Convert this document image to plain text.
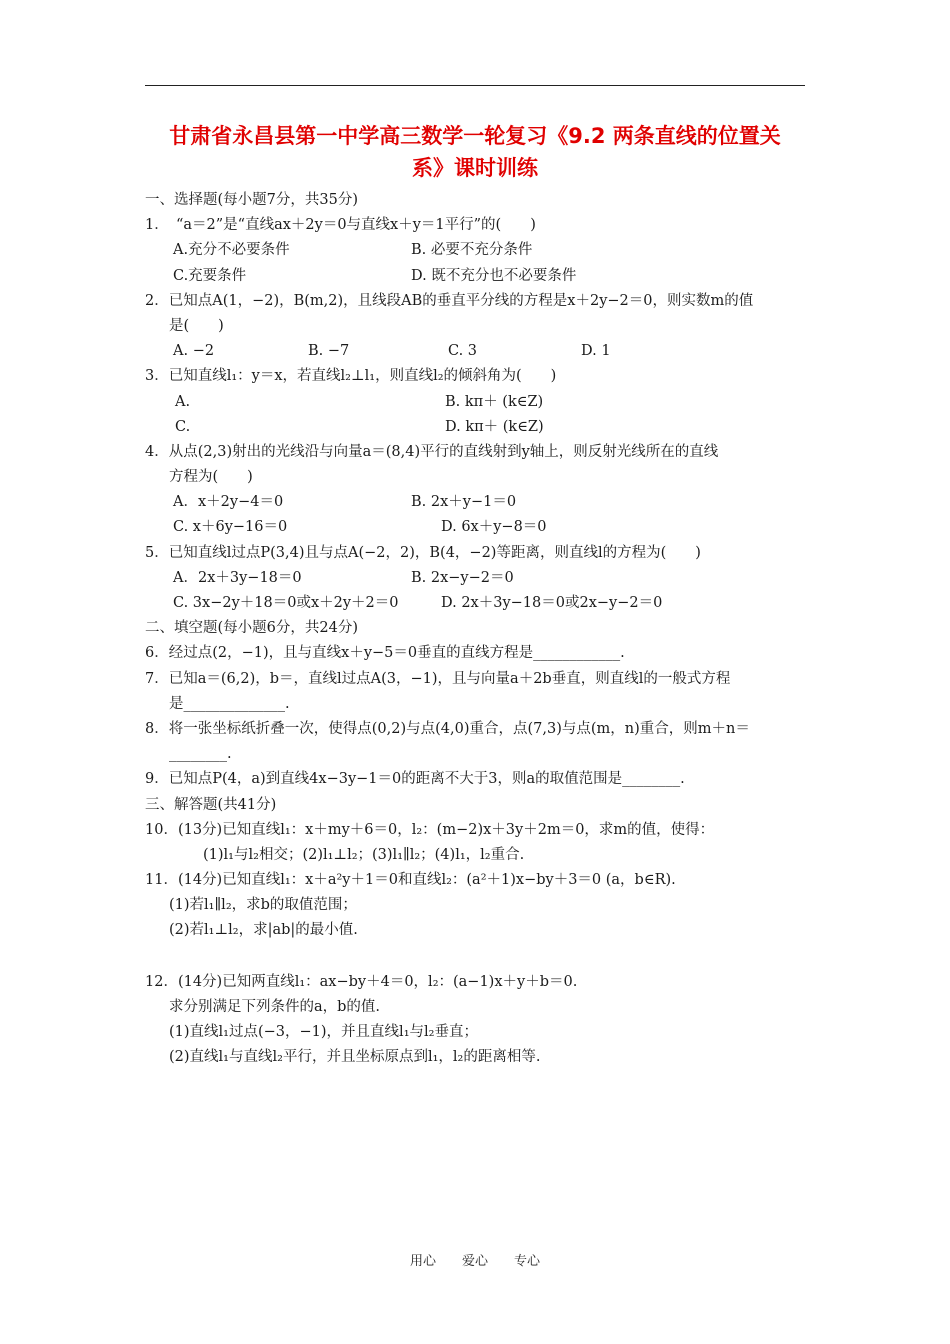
甘肃省永昌县第一中学高三数学一轮复习《9.2 两条直线的位置关
系》课时训练
一、选择题(每小题7分，共35分)
1．　“a＝2”是“直线ax＋2y＝0与直线x＋y＝1平行”的(　　)
A.充分不必要条件	B. 必要不充分条件
C.充要条件	D. 既不充分也不必要条件
2．已知点A(1，−2)，B(m,2)，且线段AB的垂直平分线的方程是x＋2y−2＝0，则实数m的值
是(　　)
A. −2	B. −7	C. 3	D. 1
3．已知直线l₁：y＝x，若直线l₂⊥l₁，则直线l₂的倾斜角为(　　)
A.	B. kπ＋ (k∈Z)
C.	D. kπ＋ (k∈Z)
4．从点(2,3)射出的光线沿与向量a＝(8,4)平行的直线射到y轴上，则反射光线所在的直线
方程为(　　)
A．x＋2y−4＝0	B. 2x＋y−1＝0
C. x＋6y−16＝0	D. 6x＋y−8＝0
5．已知直线l过点P(3,4)且与点A(−2，2)，B(4，−2)等距离，则直线l的方程为(　　)
A．2x＋3y−18＝0	B. 2x−y−2＝0
C. 3x−2y＋18＝0或x＋2y＋2＝0	D. 2x＋3y−18＝0或2x−y−2＝0
二、填空题(每小题6分，共24分)
6．经过点(2，−1)，且与直线x＋y−5＝0垂直的直线方程是____________.
7．已知a＝(6,2)，b＝，直线l过点A(3，−1)，且与向量a＋2b垂直，则直线l的一般式方程
是______________.
8．将一张坐标纸折叠一次，使得点(0,2)与点(4,0)重合，点(7,3)与点(m，n)重合，则m＋n＝
________.
9．已知点P(4，a)到直线4x−3y−1＝0的距离不大于3，则a的取值范围是________.
三、解答题(共41分)
10．(13分)已知直线l₁：x＋my＋6＝0，l₂：(m−2)x＋3y＋2m＝0，求m的值，使得：
(1)l₁与l₂相交；(2)l₁⊥l₂；(3)l₁∥l₂；(4)l₁，l₂重合.
11．(14分)已知直线l₁：x＋a²y＋1＝0和直线l₂：(a²＋1)x−by＋3＝0 (a，b∈R).
(1)若l₁∥l₂，求b的取值范围；
(2)若l₁⊥l₂，求|ab|的最小值.
12．(14分)已知两直线l₁：ax−by＋4＝0，l₂：(a−1)x＋y＋b＝0.
求分别满足下列条件的a，b的值.
(1)直线l₁过点(−3，−1)，并且直线l₁与l₂垂直；
(2)直线l₁与直线l₂平行，并且坐标原点到l₁，l₂的距离相等.
用心　　爱心　　专心
